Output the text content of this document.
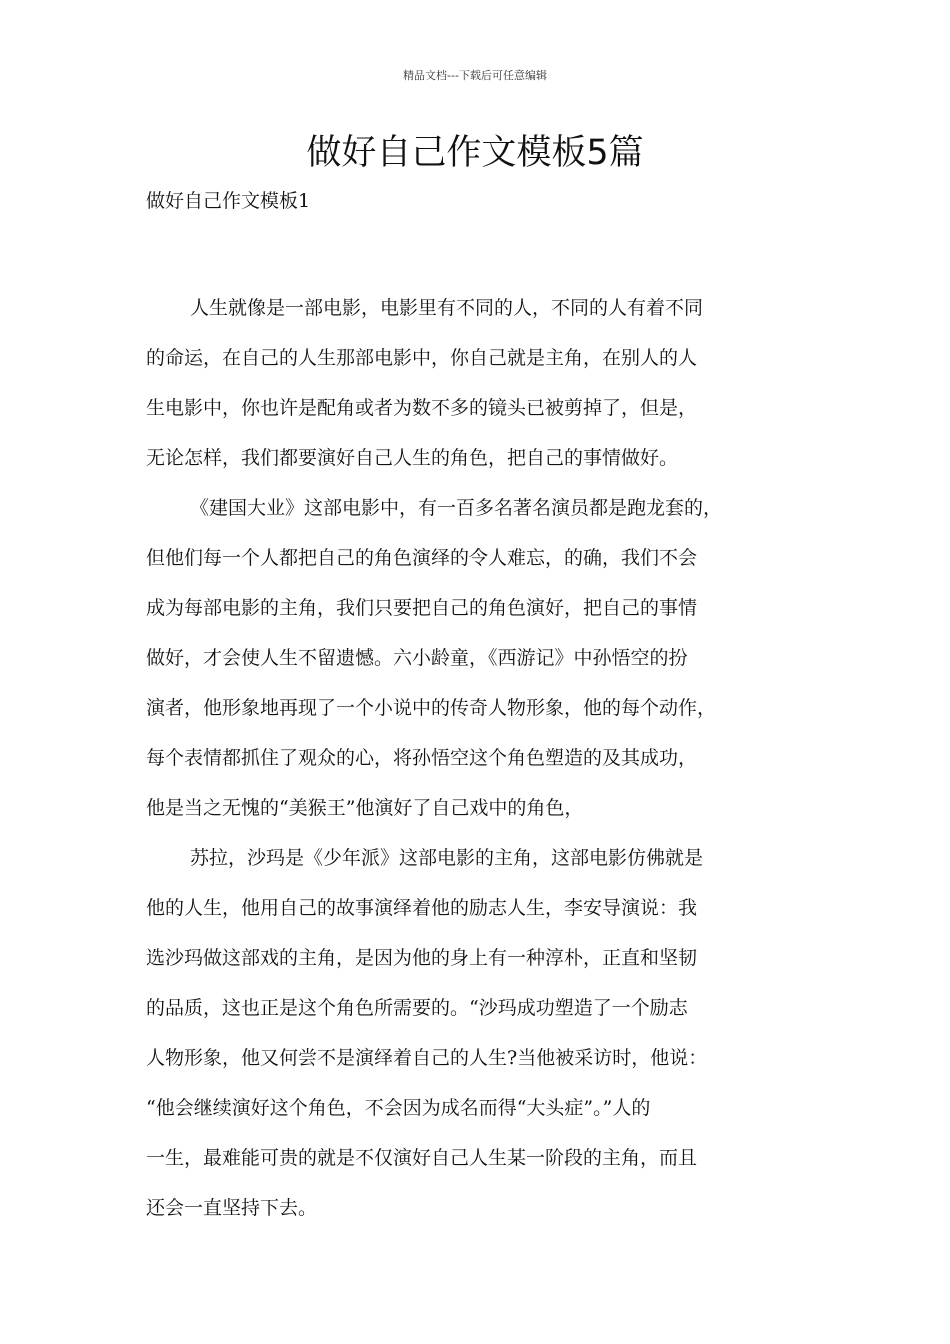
精品文档---下载后可任意编辑
做好自己作文模板5篇

做好自己作文模板1

人生就像是一部电影，电影里有不同的人，不同的人有着不同
的命运，在自己的人生那部电影中，你自己就是主角，在别人的人
生电影中，你也许是配角或者为数不多的镜头已被剪掉了，但是，
无论怎样，我们都要演好自己人生的角色，把自己的事情做好。
《建国大业》这部电影中，有一百多名著名演员都是跑龙套的，
但他们每一个人都把自己的角色演绎的令人难忘，的确，我们不会
成为每部电影的主角，我们只要把自己的角色演好，把自己的事情
做好，才会使人生不留遗憾。六小龄童，《西游记》中孙悟空的扮
演者，他形象地再现了一个小说中的传奇人物形象，他的每个动作，
每个表情都抓住了观众的心，将孙悟空这个角色塑造的及其成功，
他是当之无愧的“美猴王”他演好了自己戏中的角色，
苏拉，沙玛是《少年派》这部电影的主角，这部电影仿佛就是
他的人生，他用自己的故事演绎着他的励志人生，李安导演说：我
选沙玛做这部戏的主角，是因为他的身上有一种淳朴，正直和坚韧
的品质，这也正是这个角色所需要的。“沙玛成功塑造了一个励志
人物形象，他又何尝不是演绎着自己的人生?当他被采访时，他说：
“他会继续演好这个角色，不会因为成名而得“大头症”。”人的
一生，最难能可贵的就是不仅演好自己人生某一阶段的主角，而且
还会一直坚持下去。
